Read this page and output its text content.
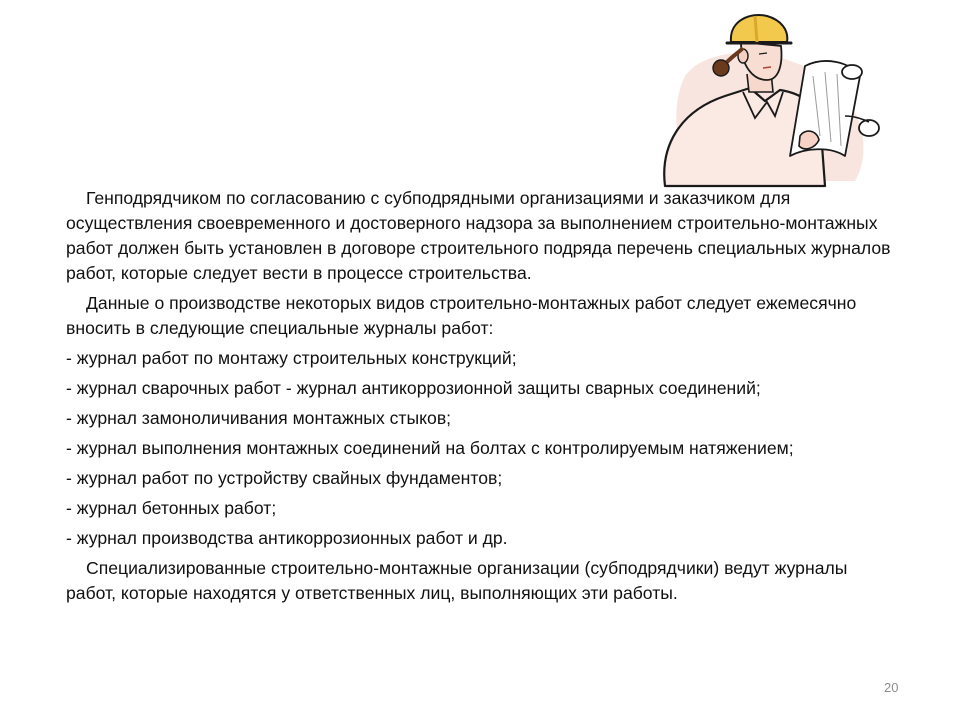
Генподрядчиком по согласованию с субподрядными организациями и заказчиком для осуществления своевременного и достоверного надзора за выполнением строительно-монтажных работ должен быть установлен в договоре строительного подряда перечень специальных журналов работ, которые следует вести в процессе строительства.

Данные о производстве некоторых видов строительно-монтажных работ следует ежемесячно вносить в следующие специальные журналы работ:

- журнал работ по монтажу строительных конструкций;

- журнал сварочных работ - журнал антикоррозионной защиты сварных соединений;

- журнал замоноличивания монтажных стыков;

- журнал выполнения монтажных соединений на болтах с контролируемым натяжением;

- журнал работ по устройству свайных фундаментов;

- журнал бетонных работ;

- журнал производства антикоррозионных работ и др.

Специализированные строительно-монтажные организации (субподрядчики) ведут журналы работ, которые находятся у ответственных лиц, выполняющих эти работы.

20
